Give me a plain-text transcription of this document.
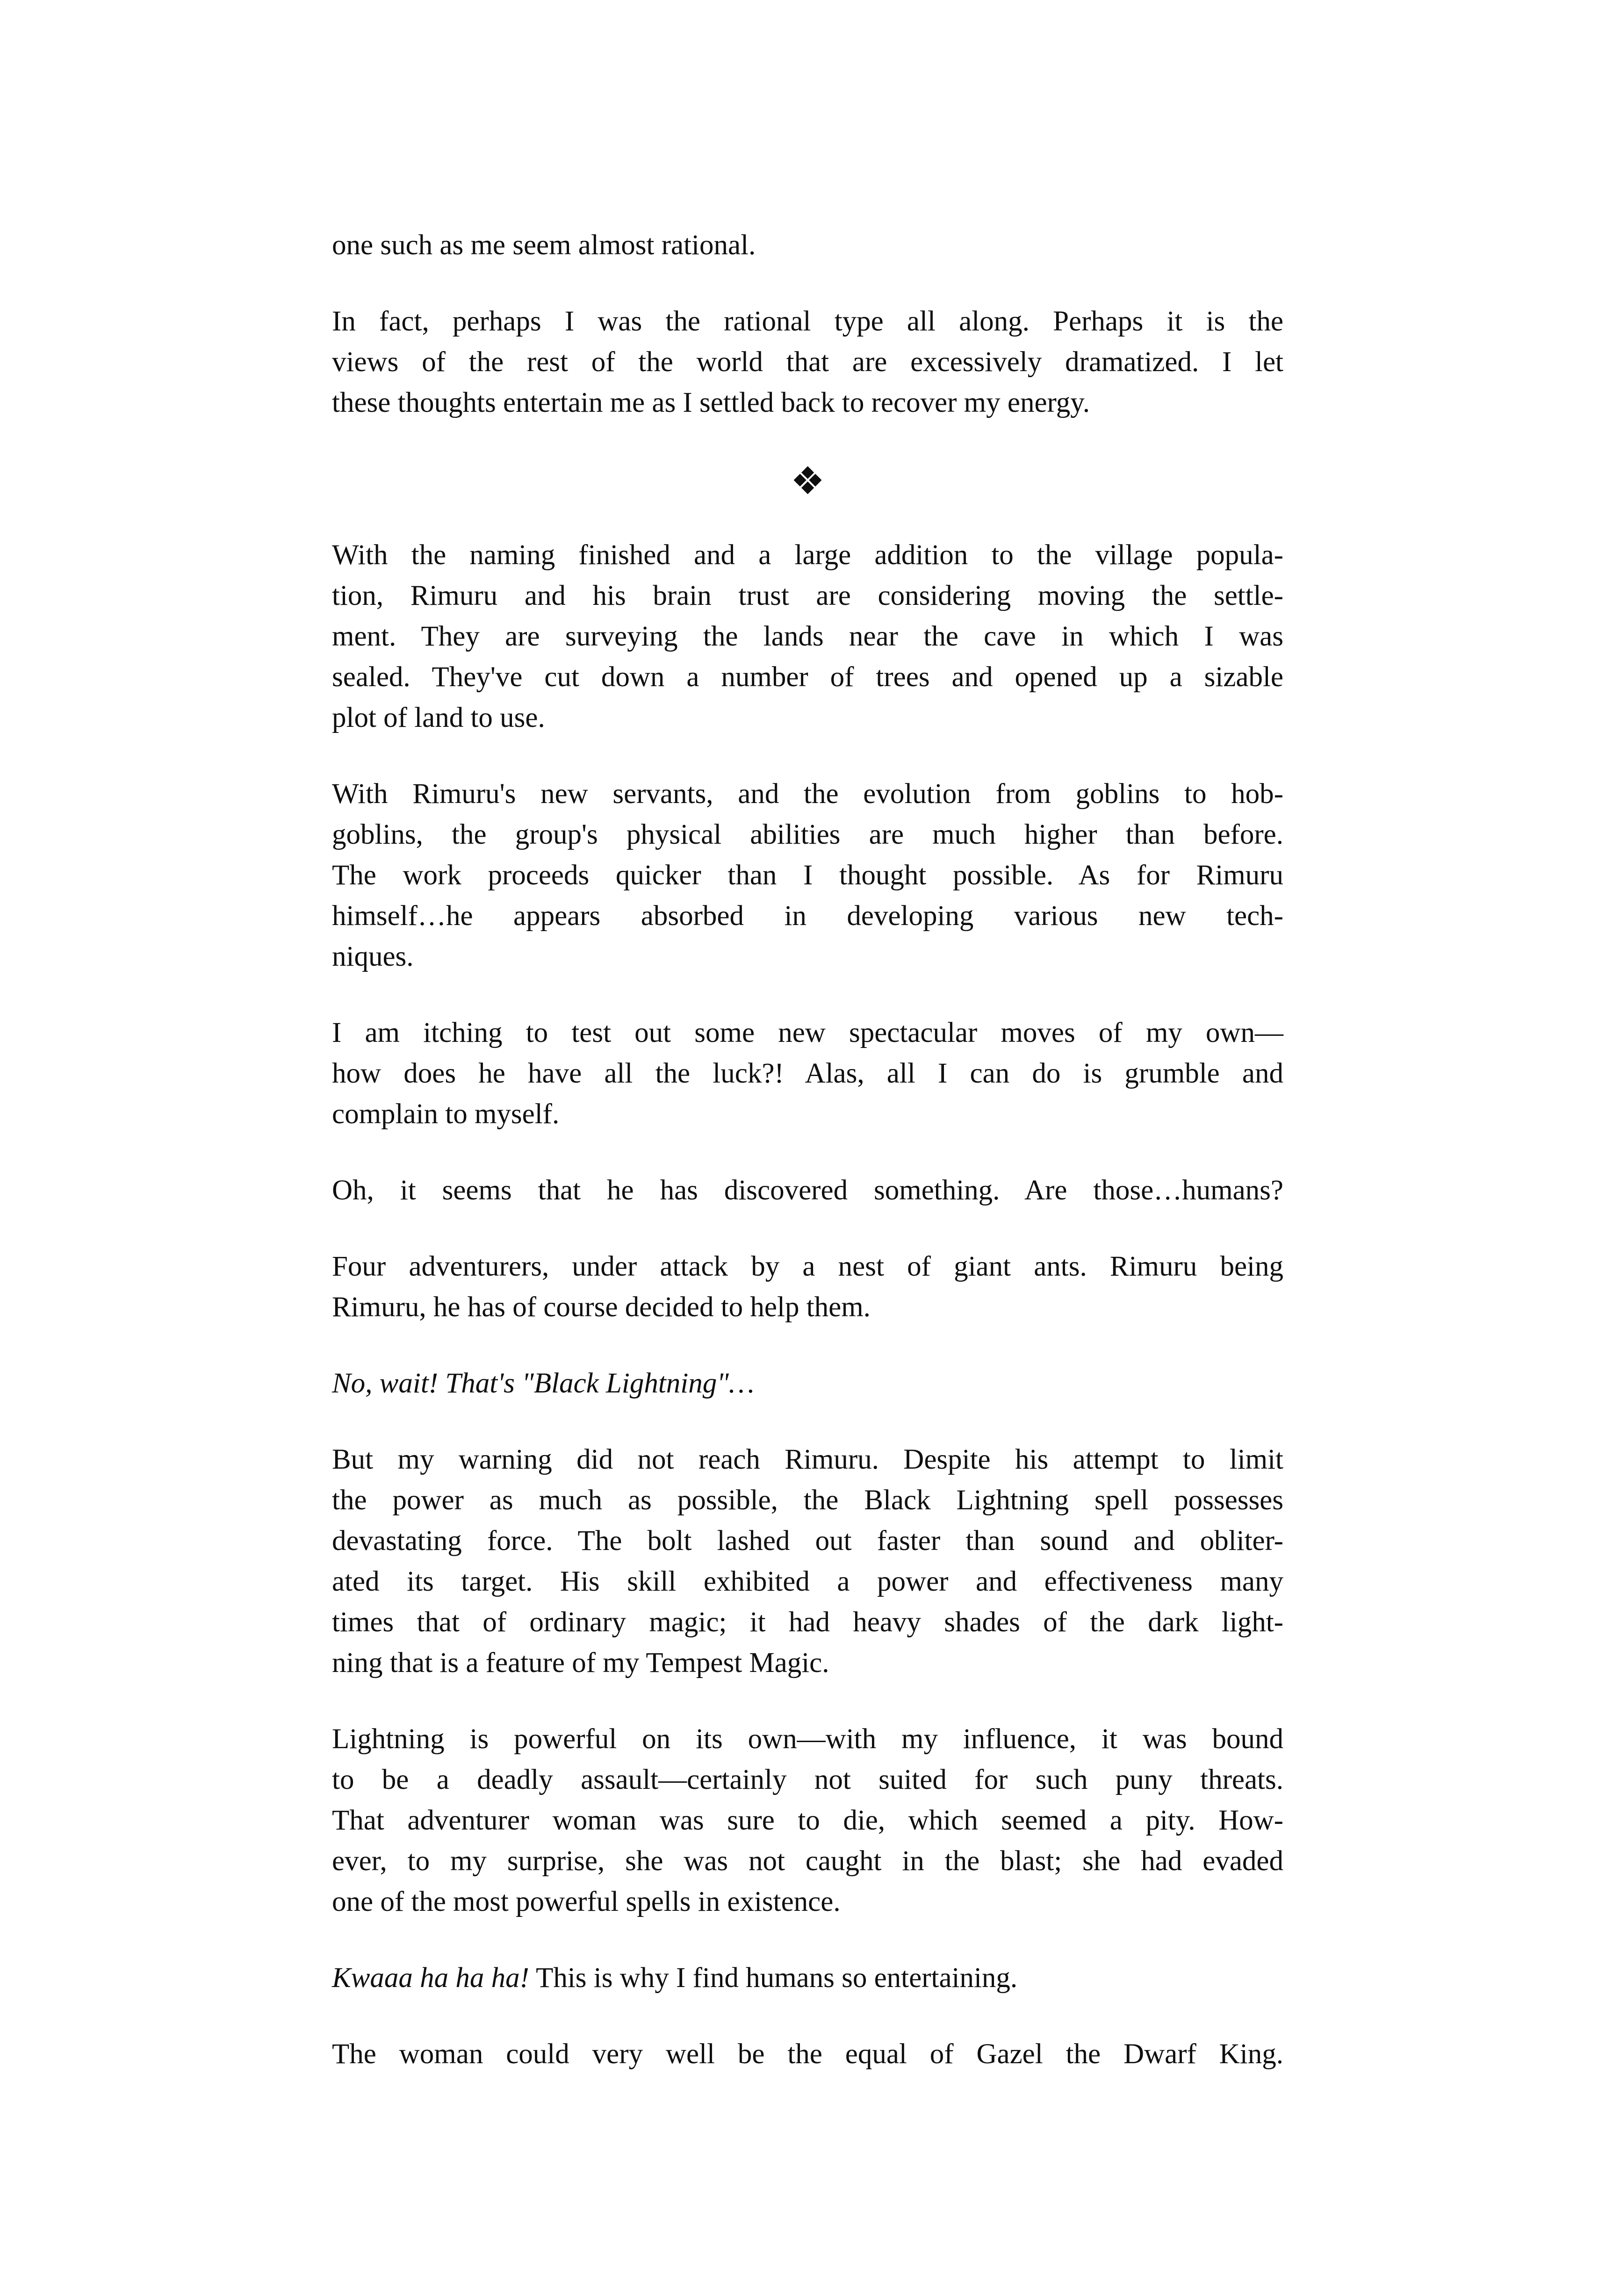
one such as me seem almost rational.
In fact, perhaps I was the rational type all along. Perhaps it is the
views of the rest of the world that are excessively dramatized. I let
these thoughts entertain me as I settled back to recover my energy.
❖
With the naming finished and a large addition to the village popula-
tion, Rimuru and his brain trust are considering moving the settle-
ment. They are surveying the lands near the cave in which I was
sealed. They've cut down a number of trees and opened up a sizable
plot of land to use.
With Rimuru's new servants, and the evolution from goblins to hob-
goblins, the group's physical abilities are much higher than before.
The work proceeds quicker than I thought possible. As for Rimuru
himself…he appears absorbed in developing various new tech-
niques.
I am itching to test out some new spectacular moves of my own—
how does he have all the luck?! Alas, all I can do is grumble and
complain to myself.
Oh, it seems that he has discovered something. Are those…humans?
Four adventurers, under attack by a nest of giant ants. Rimuru being
Rimuru, he has of course decided to help them.
No, wait! That's "Black Lightning"…
But my warning did not reach Rimuru. Despite his attempt to limit
the power as much as possible, the Black Lightning spell possesses
devastating force. The bolt lashed out faster than sound and obliter-
ated its target. His skill exhibited a power and effectiveness many
times that of ordinary magic; it had heavy shades of the dark light-
ning that is a feature of my Tempest Magic.
Lightning is powerful on its own—with my influence, it was bound
to be a deadly assault—certainly not suited for such puny threats.
That adventurer woman was sure to die, which seemed a pity. How-
ever, to my surprise, she was not caught in the blast; she had evaded
one of the most powerful spells in existence.
Kwaaa ha ha ha! This is why I find humans so entertaining.
The woman could very well be the equal of Gazel the Dwarf King.
